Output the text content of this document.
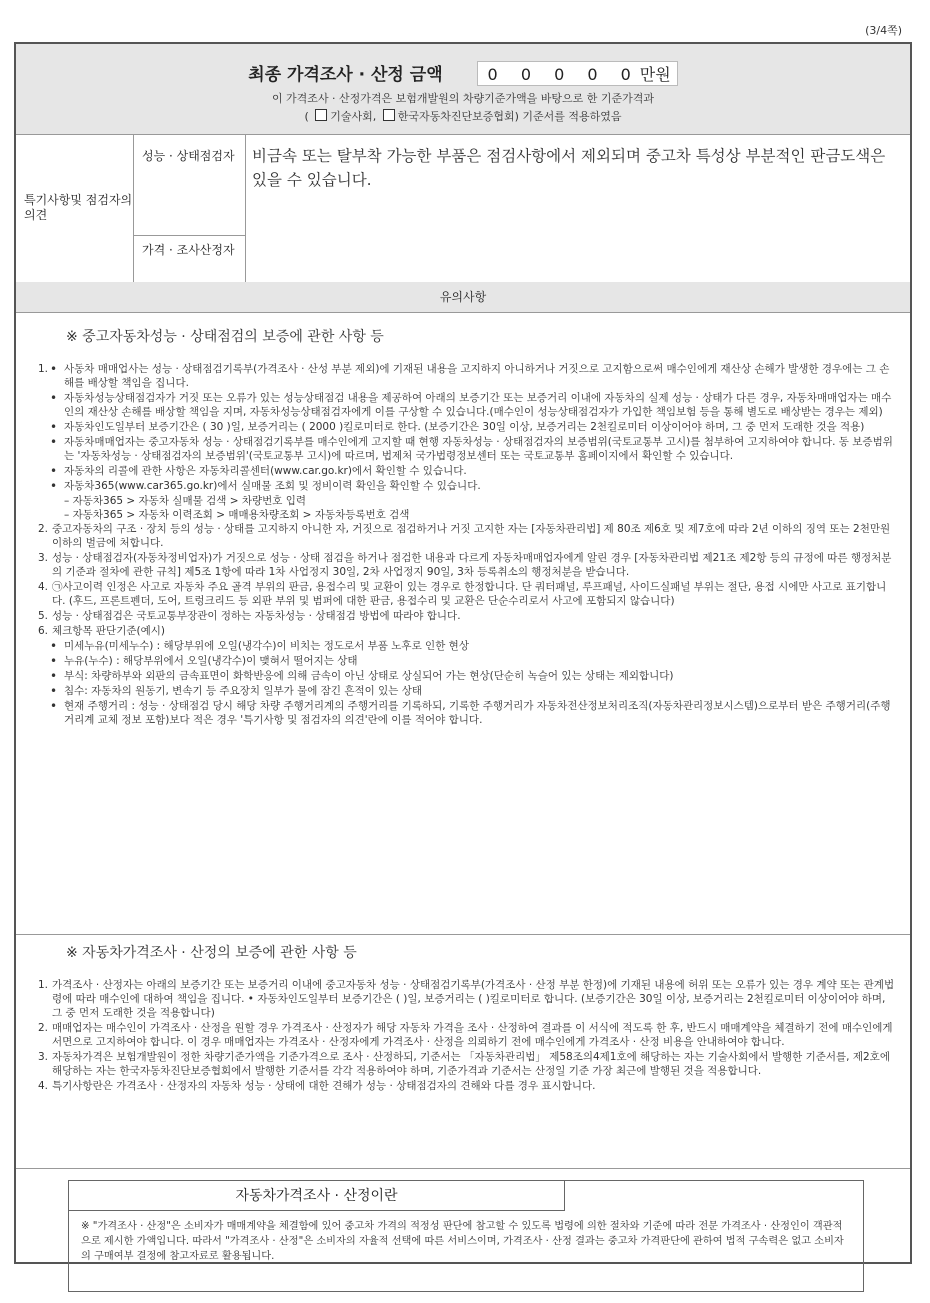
(3/4쪽)
최종 가격조사 · 산정 금액	0 0 0 0 0만원
이 가격조사 · 산정가격은 보험개발원의 차량기준가액을 바탕으로 한 기준가격과
( 기술사회, 한국자동차진단보증협회) 기준서를 적용하였음
특기사항및 점검자의 의견
성능 · 상태점검자
가격 · 조사산정자
비금속 또는 탈부착 가능한 부품은 점검사항에서 제외되며 중고차 특성상 부분적인 판금도색은 있을 수 있습니다.
유의사항
※ 중고자동차성능 · 상태점검의 보증에 관한 사항 등
• 1. 사동차 매매업사는 성능 · 상태점검기록부(가격조사 · 산성 부분 제외)에 기재된 내용을 고지하지 아니하거나 거짓으로 고지함으로써 매수인에게 재산상 손해가 발생한 경우에는 그 손해를 배상할 책임을 집니다.
• 자동차성능상태점검자가 거짓 또는 오류가 있는 성능상태점검 내용을 제공하여 아래의 보증기간 또는 보증거리 이내에 자동차의 실제 성능 · 상태가 다른 경우, 자동차매매업자는 매수인의 재산상 손해를 배상할 책임을 지며, 자동차성능상태점검자에게 이를 구상할 수 있습니다.(매수인이 성능상태점검자가 가입한 책임보험 등을 통해 별도로 배상받는 경우는 제외)
• 자동차인도일부터 보증기간은 ( 30 )일, 보증거리는 ( 2000 )킬로미터로 한다. (보증기간은 30일 이상, 보증거리는 2천킬로미터 이상이어야 하며, 그 중 먼저 도래한 것을 적용)
• 자동차매매업자는 중고자동차 성능 · 상태점검기록부를 매수인에게 고지할 때 현행 자동차성능 · 상태점검자의 보증범위(국토교통부 고시)를 첨부하여 고지하여야 합니다. 동 보증범위는 '자동차성능 · 상태점검자의 보증범위'(국토교통부 고시)에 따르며, 법제처 국가법령정보센터 또는 국토교통부 홈페이지에서 확인할 수 있습니다.
• 자동차의 리콜에 관한 사항은 자동차리콜센터(www.car.go.kr)에서 확인할 수 있습니다.
• 자동차365(www.car365.go.kr)에서 실매물 조회 및 정비이력 확인을 확인할 수 있습니다.
– 자동차365 > 자동차 실매물 검색 > 차량번호 입력
– 자동차365 > 자동차 이력조회 > 매매용차량조회 > 자동차등록번호 검색
2. 중고자동차의 구조 · 장치 등의 성능 · 상태를 고지하지 아니한 자, 거짓으로 점검하거나 거짓 고지한 자는 [자동차관리법] 제 80조 제6호 및 제7호에 따라 2년 이하의 징역 또는 2천만원 이하의 벌금에 처합니다.
3. 성능 · 상태점검자(자동차정비업자)가 거짓으로 성능 · 상태 점검을 하거나 점검한 내용과 다르게 자동차매매업자에게 알린 경우 [자동차관리법 제21조 제2항 등의 규정에 따른 행정처분의 기준과 절차에 관한 규칙] 제5조 1항에 따라 1차 사업정지 30일, 2차 사업정지 90일, 3차 등록취소의 행정처분을 받습니다.
4. ㉠사고이력 인정은 사고로 자동차 주요 골격 부위의 판금, 용접수리 및 교환이 있는 경우로 한정합니다. 단 쿼터패널, 루프패널, 사이드실패널 부위는 절단, 용접 시에만 사고로 표기합니다. (후드, 프론트펜더, 도어, 트렁크리드 등 외판 부위 및 범퍼에 대한 판금, 용접수리 및 교환은 단순수리로서 사고에 포함되지 않습니다)
5. 성능 · 상태점검은 국토교통부장관이 정하는 자동차성능 · 상태점검 방법에 따라야 합니다.
6. 체크항목 판단기준(예시)
• 미세누유(미세누수) : 해당부위에 오일(냉각수)이 비치는 정도로서 부품 노후로 인한 현상
• 누유(누수) : 해당부위에서 오일(냉각수)이 맺혀서 떨어지는 상태
• 부식: 차량하부와 외판의 금속표면이 화학반응에 의해 금속이 아닌 상태로 상실되어 가는 현상(단순히 녹슬어 있는 상태는 제외합니다)
• 침수: 자동차의 원동기, 변속기 등 주요장치 일부가 물에 잠긴 흔적이 있는 상태
• 현재 주행거리 : 성능 · 상태점검 당시 해당 차량 주행거리계의 주행거리를 기록하되, 기록한 주행거리가 자동차전산정보처리조직(자동차관리정보시스템)으로부터 받은 주행거리(주행거리계 교체 정보 포함)보다 적은 경우 '특기사항 및 점검자의 의견'란에 이를 적어야 합니다.
※ 자동차가격조사 · 산정의 보증에 관한 사항 등
1. 가격조사 · 산정자는 아래의 보증기간 또는 보증거리 이내에 중고자동차 성능 · 상태점검기록부(가격조사 · 산정 부분 한정)에 기재된 내용에 허위 또는 오류가 있는 경우 계약 또는 관계법령에 따라 매수인에 대하여 책임을 집니다. • 자동차인도일부터 보증기간은 ( )일, 보증거리는 ( )킬로미터로 합니다. (보증기간은 30일 이상, 보증거리는 2천킬로미터 이상이어야 하며, 그 중 먼저 도래한 것을 적용합니다)
2. 매매업자는 매수인이 가격조사 · 산정을 원할 경우 가격조사 · 산정자가 해당 자동차 가격을 조사 · 산정하여 결과를 이 서식에 적도록 한 후, 반드시 매매계약을 체결하기 전에 매수인에게 서면으로 고지하여야 합니다. 이 경우 매매업자는 가격조사 · 산정자에게 가격조사 · 산정을 의뢰하기 전에 매수인에게 가격조사 · 산정 비용을 안내하여야 합니다.
3. 자동차가격은 보험개발원이 정한 차량기준가액을 기준가격으로 조사 · 산정하되, 기준서는 「자동차관리법」 제58조의4제1호에 해당하는 자는 기술사회에서 발행한 기준서를, 제2호에 해당하는 자는 한국자동차진단보증협회에서 발행한 기준서를 각각 적용하여야 하며, 기준가격과 기준서는 산정일 기준 가장 최근에 발행된 것을 적용합니다.
4. 특기사항란은 가격조사 · 산정자의 자동차 성능 · 상태에 대한 견해가 성능 · 상태점검자의 견해와 다를 경우 표시합니다.
자동차가격조사 · 산정이란
※ "가격조사 · 산정"은 소비자가 매매계약을 체결함에 있어 중고차 가격의 적정성 판단에 참고할 수 있도록 법령에 의한 절차와 기준에 따라 전문 가격조사 · 산정인이 객관적으로 제시한 가액입니다. 따라서 "가격조사 · 산정"은 소비자의 자율적 선택에 따른 서비스이며, 가격조사 · 산정 결과는 중고차 가격판단에 관하여 법적 구속력은 없고 소비자의 구매여부 결정에 참고자료로 활용됩니다.
